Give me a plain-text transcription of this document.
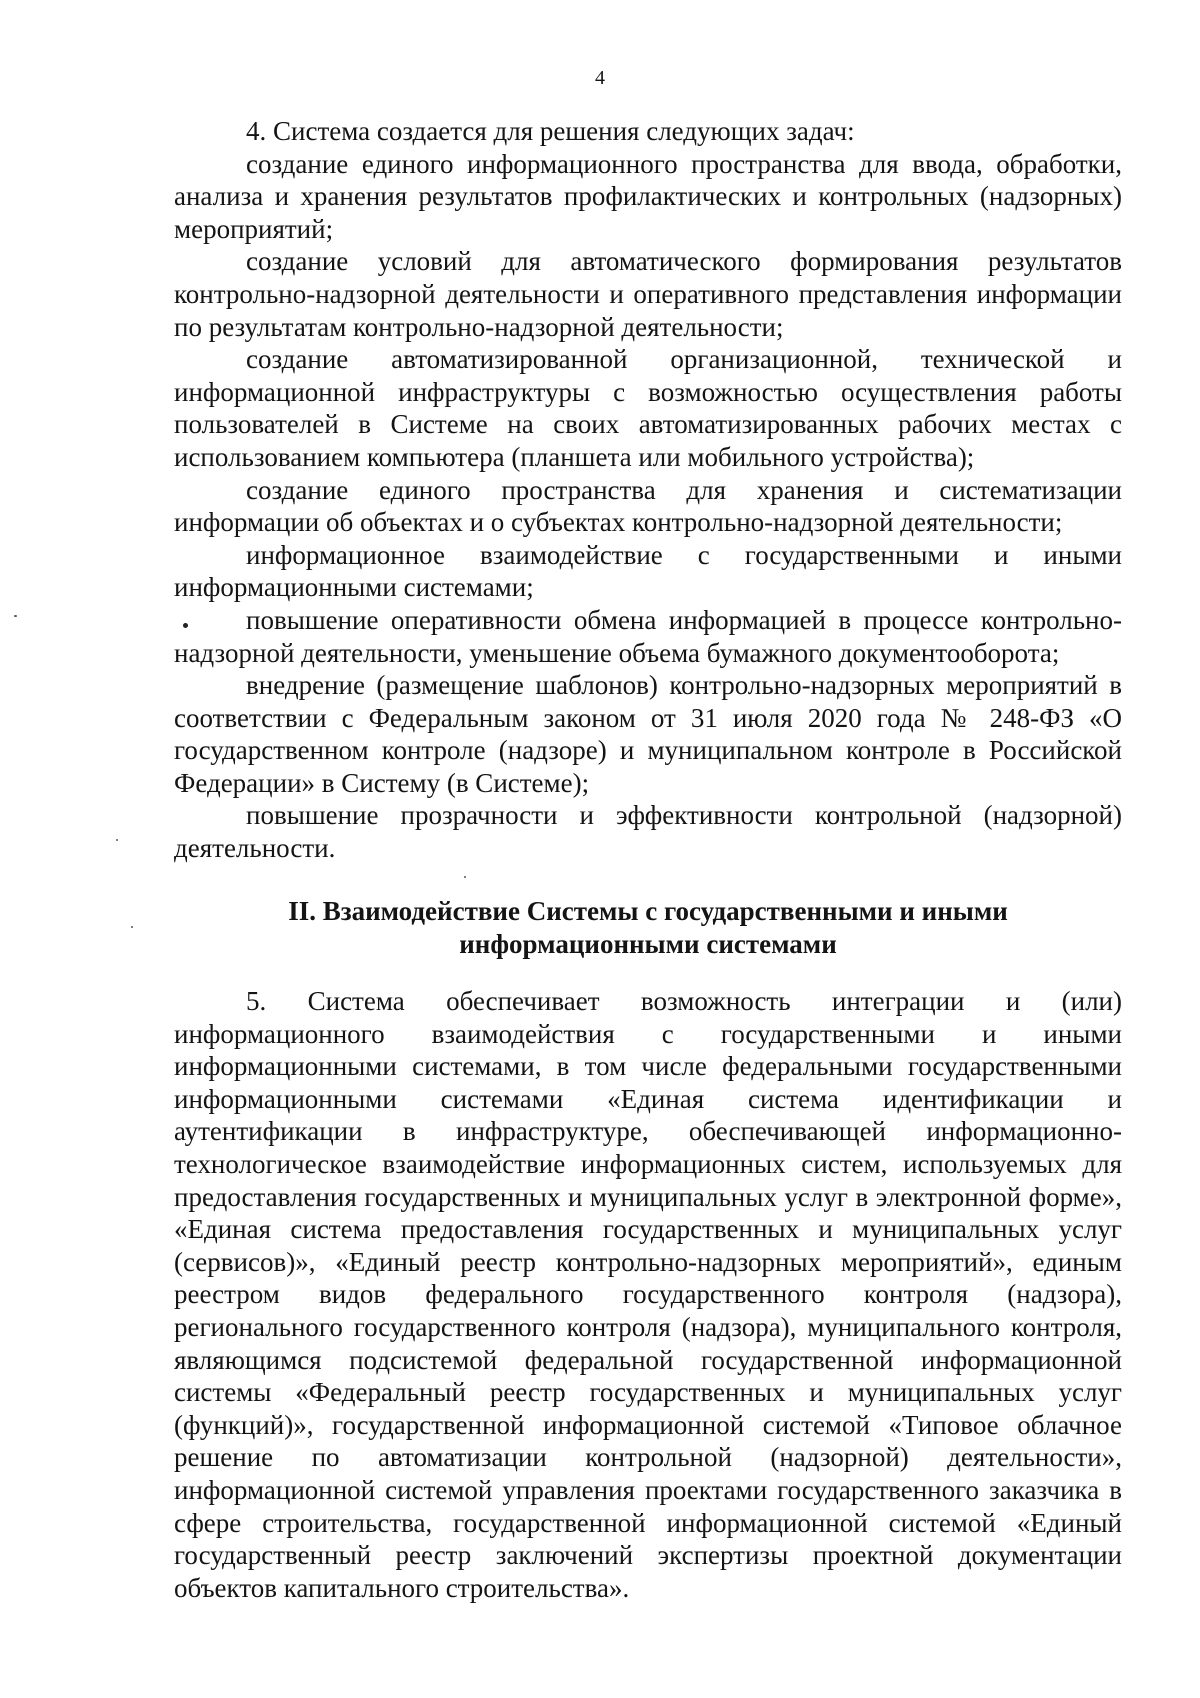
4

4. Система создается для решения следующих задач:

создание единого информационного пространства для ввода, обработки, анализа и хранения результатов профилактических и контрольных (надзорных) мероприятий;

создание условий для автоматического формирования результатов контрольно-надзорной деятельности и оперативного представления информации по результатам контрольно-надзорной деятельности;

создание автоматизированной организационной, технической и информационной инфраструктуры с возможностью осуществления работы пользователей в Системе на своих автоматизированных рабочих местах с использованием компьютера (планшета или мобильного устройства);

создание единого пространства для хранения и систематизации информации об объектах и о субъектах контрольно-надзорной деятельности;

информационное взаимодействие с государственными и иными информационными системами;

повышение оперативности обмена информацией в процессе контрольно-надзорной деятельности, уменьшение объема бумажного документооборота;

внедрение (размещение шаблонов) контрольно-надзорных мероприятий в соответствии с Федеральным законом от 31 июля 2020 года № 248-ФЗ «О государственном контроле (надзоре) и муниципальном контроле в Российской Федерации» в Систему (в Системе);

повышение прозрачности и эффективности контрольной (надзорной) деятельности.

II. Взаимодействие Системы с государственными и иными
информационными системами

5. Система обеспечивает возможность интеграции и (или) информационного взаимодействия с государственными и иными информационными системами, в том числе федеральными государственными информационными системами «Единая система идентификации и аутентификации в инфраструктуре, обеспечивающей информационно-технологическое взаимодействие информационных систем, используемых для предоставления государственных и муниципальных услуг в электронной форме», «Единая система предоставления государственных и муниципальных услуг (сервисов)», «Единый реестр контрольно-надзорных мероприятий», единым реестром видов федерального государственного контроля (надзора), регионального государственного контроля (надзора), муниципального контроля, являющимся подсистемой федеральной государственной информационной системы «Федеральный реестр государственных и муниципальных услуг (функций)», государственной информационной системой «Типовое облачное решение по автоматизации контрольной (надзорной) деятельности», информационной системой управления проектами государственного заказчика в сфере строительства, государственной информационной системой «Единый государственный реестр заключений экспертизы проектной документации объектов капитального строительства».
